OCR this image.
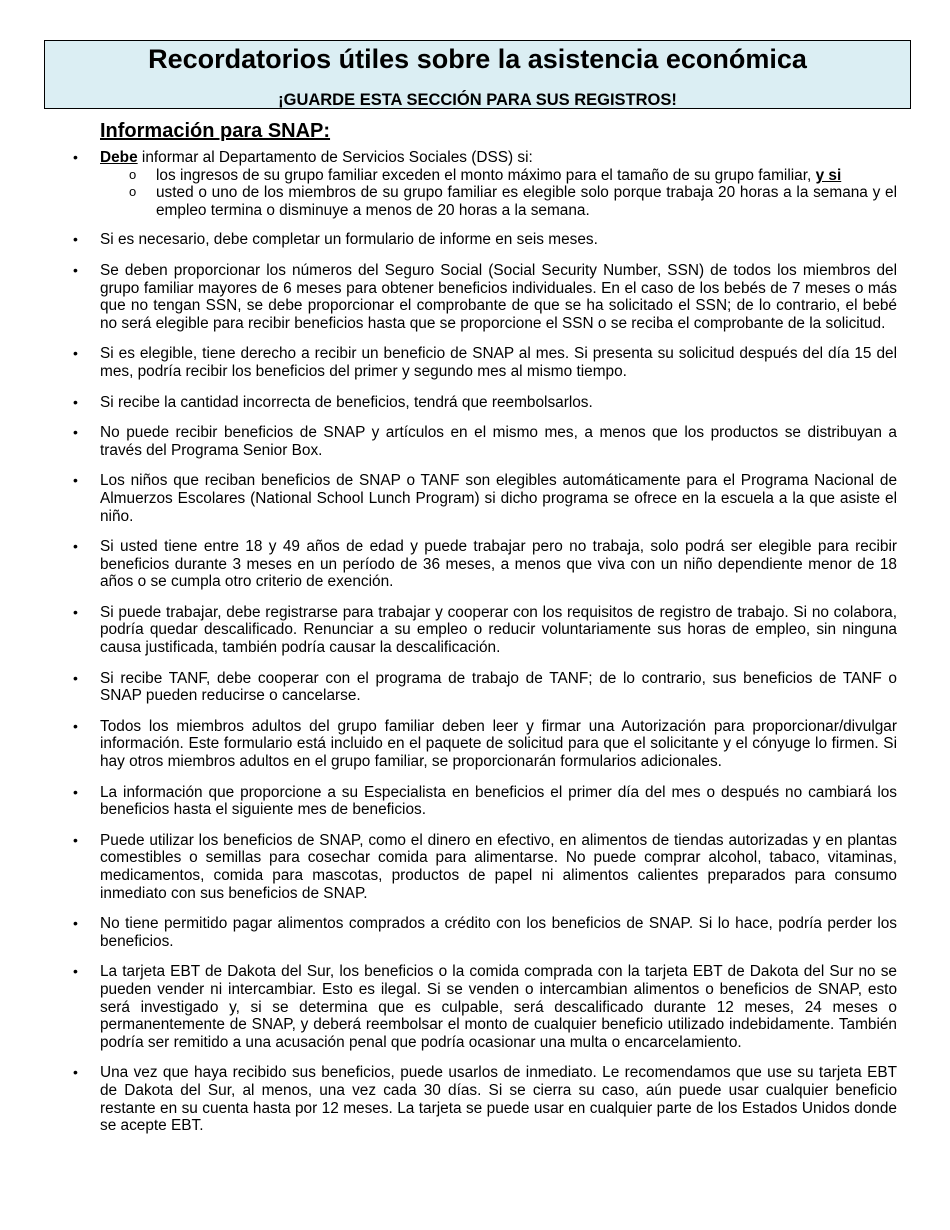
Recordatorios útiles sobre la asistencia económica
¡GUARDE ESTA SECCIÓN PARA SUS REGISTROS!
Información para SNAP:
• Debe informar al Departamento de Servicios Sociales (DSS) si:
o los ingresos de su grupo familiar exceden el monto máximo para el tamaño de su grupo familiar, y si
o usted o uno de los miembros de su grupo familiar es elegible solo porque trabaja 20 horas a la semana y el empleo termina o disminuye a menos de 20 horas a la semana.
• Si es necesario, debe completar un formulario de informe en seis meses.
• Se deben proporcionar los números del Seguro Social (Social Security Number, SSN) de todos los miembros del grupo familiar mayores de 6 meses para obtener beneficios individuales. En el caso de los bebés de 7 meses o más que no tengan SSN, se debe proporcionar el comprobante de que se ha solicitado el SSN; de lo contrario, el bebé no será elegible para recibir beneficios hasta que se proporcione el SSN o se reciba el comprobante de la solicitud.
• Si es elegible, tiene derecho a recibir un beneficio de SNAP al mes. Si presenta su solicitud después del día 15 del mes, podría recibir los beneficios del primer y segundo mes al mismo tiempo.
• Si recibe la cantidad incorrecta de beneficios, tendrá que reembolsarlos.
• No puede recibir beneficios de SNAP y artículos en el mismo mes, a menos que los productos se distribuyan a través del Programa Senior Box.
• Los niños que reciban beneficios de SNAP o TANF son elegibles automáticamente para el Programa Nacional de Almuerzos Escolares (National School Lunch Program) si dicho programa se ofrece en la escuela a la que asiste el niño.
• Si usted tiene entre 18 y 49 años de edad y puede trabajar pero no trabaja, solo podrá ser elegible para recibir beneficios durante 3 meses en un período de 36 meses, a menos que viva con un niño dependiente menor de 18 años o se cumpla otro criterio de exención.
• Si puede trabajar, debe registrarse para trabajar y cooperar con los requisitos de registro de trabajo. Si no colabora, podría quedar descalificado. Renunciar a su empleo o reducir voluntariamente sus horas de empleo, sin ninguna causa justificada, también podría causar la descalificación.
• Si recibe TANF, debe cooperar con el programa de trabajo de TANF; de lo contrario, sus beneficios de TANF o SNAP pueden reducirse o cancelarse.
• Todos los miembros adultos del grupo familiar deben leer y firmar una Autorización para proporcionar/divulgar información. Este formulario está incluido en el paquete de solicitud para que el solicitante y el cónyuge lo firmen. Si hay otros miembros adultos en el grupo familiar, se proporcionarán formularios adicionales.
• La información que proporcione a su Especialista en beneficios el primer día del mes o después no cambiará los beneficios hasta el siguiente mes de beneficios.
• Puede utilizar los beneficios de SNAP, como el dinero en efectivo, en alimentos de tiendas autorizadas y en plantas comestibles o semillas para cosechar comida para alimentarse. No puede comprar alcohol, tabaco, vitaminas, medicamentos, comida para mascotas, productos de papel ni alimentos calientes preparados para consumo inmediato con sus beneficios de SNAP.
• No tiene permitido pagar alimentos comprados a crédito con los beneficios de SNAP. Si lo hace, podría perder los beneficios.
• La tarjeta EBT de Dakota del Sur, los beneficios o la comida comprada con la tarjeta EBT de Dakota del Sur no se pueden vender ni intercambiar. Esto es ilegal. Si se venden o intercambian alimentos o beneficios de SNAP, esto será investigado y, si se determina que es culpable, será descalificado durante 12 meses, 24 meses o permanentemente de SNAP, y deberá reembolsar el monto de cualquier beneficio utilizado indebidamente. También podría ser remitido a una acusación penal que podría ocasionar una multa o encarcelamiento.
• Una vez que haya recibido sus beneficios, puede usarlos de inmediato. Le recomendamos que use su tarjeta EBT de Dakota del Sur, al menos, una vez cada 30 días. Si se cierra su caso, aún puede usar cualquier beneficio restante en su cuenta hasta por 12 meses. La tarjeta se puede usar en cualquier parte de los Estados Unidos donde se acepte EBT.
